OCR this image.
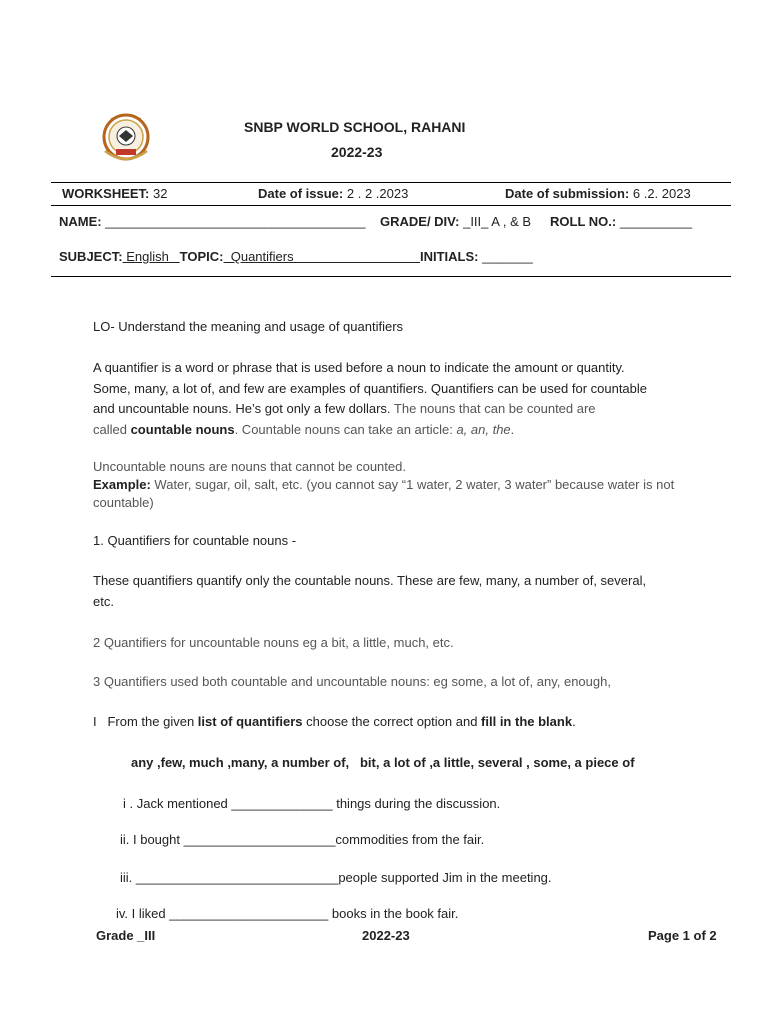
SNBP WORLD SCHOOL, RAHANI
2022-23
WORKSHEET: 32	Date of issue: 2 . 2 .2023	Date of submission: 6 .2. 2023
NAME: ____________________________________ GRADE/ DIV: _III_ A , & B ROLL NO.: __________
SUBJECT: English   TOPIC:  Quantifiers                                   INITIALS: _______
LO- Understand the meaning and usage of quantifiers
A quantifier is a word or phrase that is used before a noun to indicate the amount or quantity.
Some, many, a lot of, and few are examples of quantifiers. Quantifiers can be used for countable
and uncountable nouns. He’s got only a few dollars. The nouns that can be counted are
called countable nouns. Countable nouns can take an article: a, an, the.
Uncountable nouns are nouns that cannot be counted.
Example: Water, sugar, oil, salt, etc. (you cannot say “1 water, 2 water, 3 water” because water is not
countable)
1. Quantifiers for countable nouns -
These quantifiers quantify only the countable nouns. These are few, many, a number of, several,
etc.
2 Quantifiers for uncountable nouns eg a bit, a little, much, etc.
3 Quantifiers used both countable and uncountable nouns: eg some, a lot of, any, enough,
I From the given list of quantifiers choose the correct option and fill in the blank.
any ,few, much ,many, a number of,   bit, a lot of ,a little, several , some, a piece of
i . Jack mentioned ______________ things during the discussion.
ii. I bought _____________________commodities from the fair.
iii. ____________________________people supported Jim in the meeting.
iv. I liked ______________________ books in the book fair.
Grade _III	2022-23	Page 1 of 2
